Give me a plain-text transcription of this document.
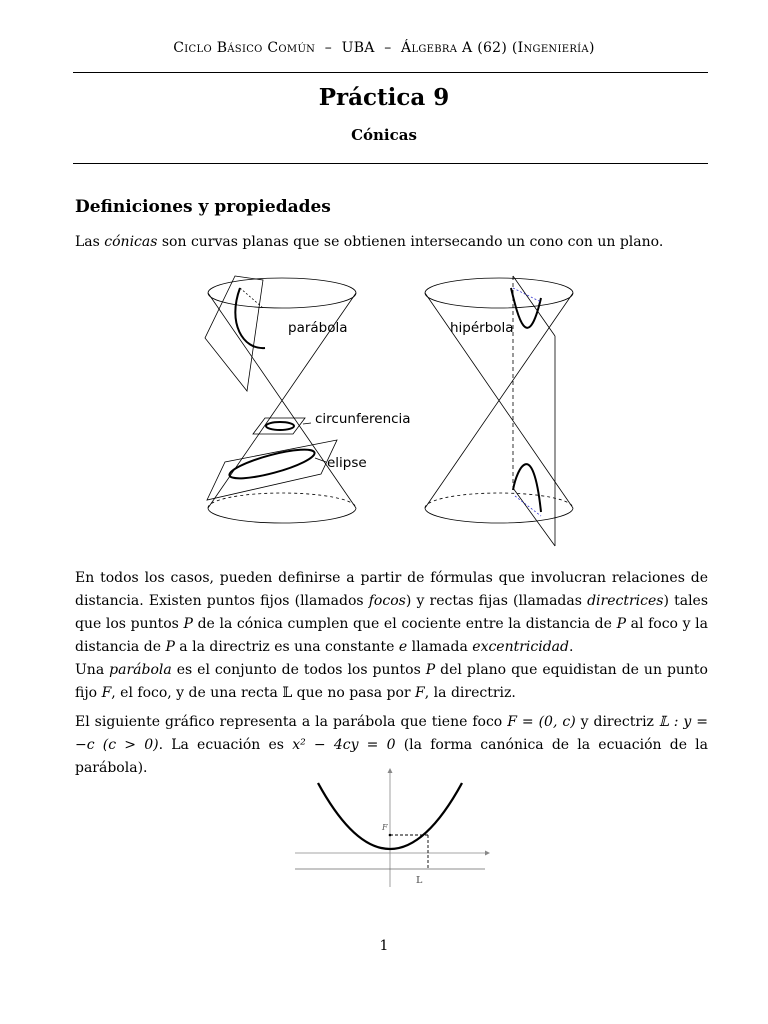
Ciclo Básico Común – UBA – Álgebra A (62) (Ingeniería)
Práctica 9
Cónicas
Definiciones y propiedades
Las cónicas son curvas planas que se obtienen intersecando un cono con un plano.
parábola	hipérbola
circunferencia
elipse
En todos los casos, pueden definirse a partir de fórmulas que involucran relaciones de distancia. Existen puntos fijos (llamados focos) y rectas fijas (llamadas directrices) tales que los puntos P de la cónica cumplen que el cociente entre la distancia de P al foco y la distancia de P a la directriz es una constante e llamada excentricidad.
Una parábola es el conjunto de todos los puntos P del plano que equidistan de un punto fijo F, el foco, y de una recta 𝕃 que no pasa por F, la directriz.
El siguiente gráfico representa a la parábola que tiene foco F = (0, c) y directriz 𝕃 : y = −c (c > 0). La ecuación es x² − 4cy = 0 (la forma canónica de la ecuación de la parábola).
F
𝕃
1
